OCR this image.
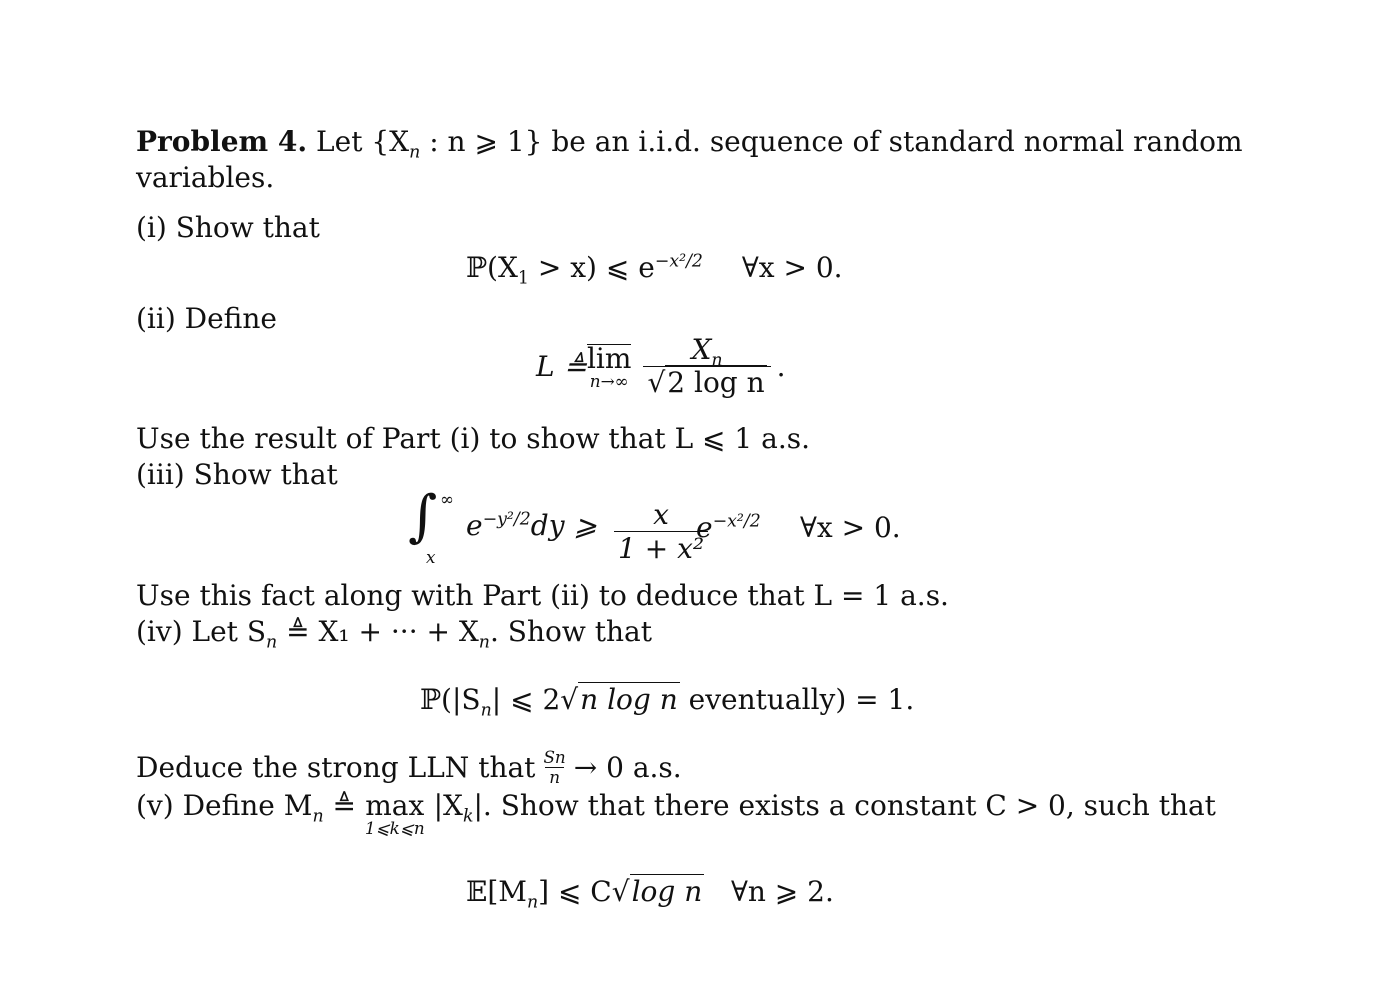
Problem 4. Let {$X_n$ : n ⩾ 1} be an i.i.d. sequence of standard normal random
variables.
(i) Show that
$ℙ(X_1 > x)$ ⩽ $e^{-x^2/2}$ ∀x > 0.
(ii) Define
L ≜ lim
$n\to\infty \frac{X_n}{\text{√2 log n}}$ .
Use the result of Part (i) to show that L ⩽ 1 a.s.
(iii) Show that
∫ ∞
x
$e^{-y^2/2}dy$ ⩾ $\frac{x}{\text{1 + x²}}$
$e^{-x^2/2}$ ∀x > 0.
Use this fact along with Part (ii) to deduce that L = 1 a.s.
(iv) Let $S_n$ ≜ X₁ + ··· + $X_n$. Show that
$ℙ(|S_n|$ ⩽ 2√n log n eventually) = 1.
Deduce the strong LLN that $\frac{Sn}{n} \to 0$ a.s.
(v) Define $M_n$ ≜ max
1⩽k⩽n
$|X_k|$. Show that there exists a constant C > 0, such that
$𝔼[M_n]$ ⩽ C√log n   ∀n ⩾ 2.
